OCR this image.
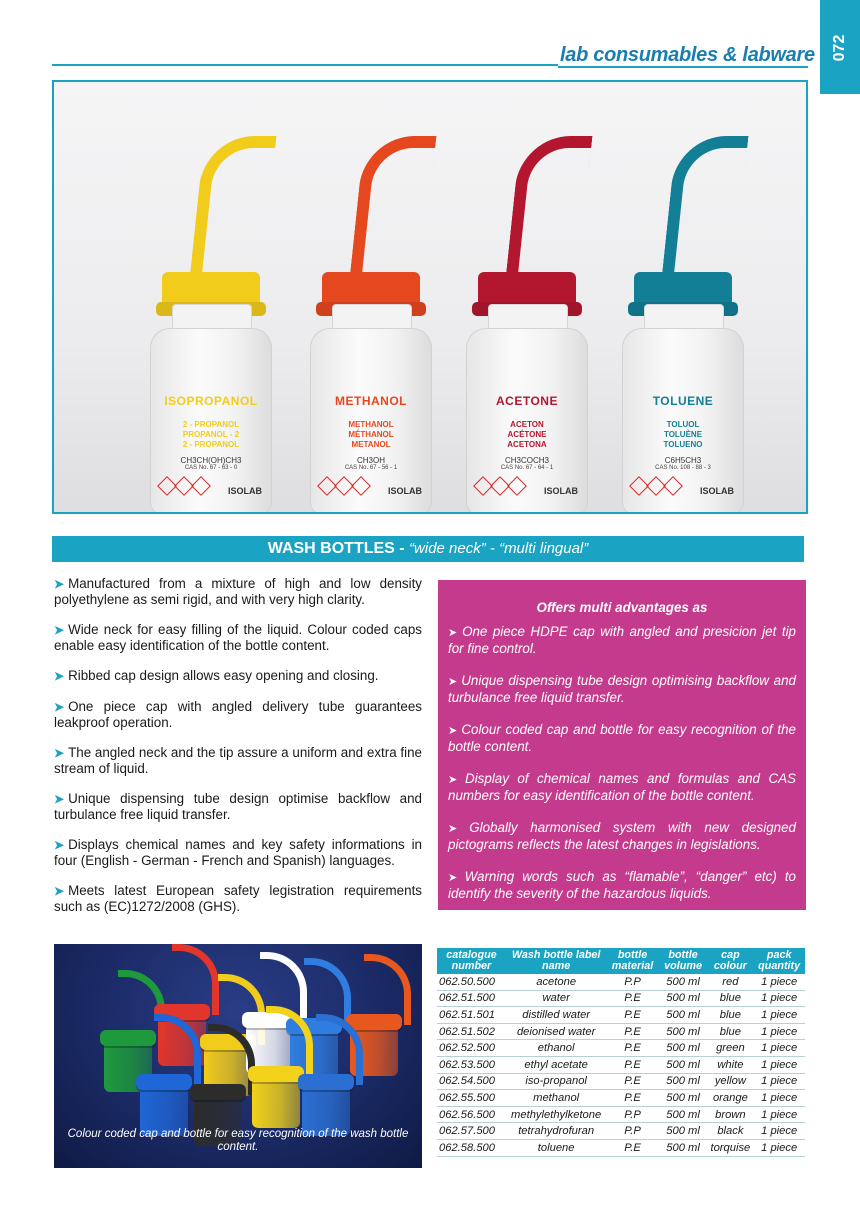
072
lab consumables & labware
ISOPROPANOL
2 - PROPANOL
PROPANOL - 2
2 - PROPANOL
CH3CH(OH)CH3
CAS No. 67 - 63 - 0
ISOLAB
METHANOL
METHANOL
MÉTHANOL
METANOL
CH3OH
CAS No. 67 - 56 - 1
ISOLAB
ACETONE
ACETON
ACÉTONE
ACETONA
CH3COCH3
CAS No. 67 - 64 - 1
ISOLAB
TOLUENE
TOLUOL
TOLUÈNE
TOLUENO
C6H5CH3
CAS No. 108 - 88 - 3
ISOLAB
WASH BOTTLES - “wide neck” - “multi lingual”
➤ Manufactured from a mixture of high and low density polyethylene as semi rigid, and with very high clarity.
➤ Wide neck for easy filling of the liquid. Colour coded caps enable easy identification of the bottle content.
➤ Ribbed cap design allows easy opening and closing.
➤ One piece cap with angled delivery tube guarantees leakproof operation.
➤ The angled neck and the tip assure a uniform and extra fine stream of liquid.
➤ Unique dispensing tube design optimise backflow and turbulance free liquid transfer.
➤ Displays chemical names and key safety informations in four (English - German - French and Spanish) languages.
➤ Meets latest European safety legistration requirements such as (EC)1272/2008 (GHS).
Offers multi advantages as
➤ One piece HDPE cap with angled and presicion jet tip for fine control.
➤ Unique dispensing tube design optimising backflow and turbulance free liquid transfer.
➤ Colour coded cap and bottle for easy recognition of the bottle content.
➤ Display of chemical names and formulas and CAS numbers for easy identification of the bottle content.
➤ Globally harmonised system with new designed pictograms reflects the latest changes in legislations.
➤ Warning words such as “flamable”, “danger” etc) to identify the severity of the hazardous liquids.
Colour coded cap and bottle for easy recognition of the wash bottle content.
catalogue number	Wash bottle label name	bottle material	bottle volume	cap colour	pack quantity
062.50.500	acetone	P.P	500 ml	red	1 piece
062.51.500	water	P.E	500 ml	blue	1 piece
062.51.501	distilled water	P.E	500 ml	blue	1 piece
062.51.502	deionised water	P.E	500 ml	blue	1 piece
062.52.500	ethanol	P.E	500 ml	green	1 piece
062.53.500	ethyl acetate	P.E	500 ml	white	1 piece
062.54.500	iso-propanol	P.E	500 ml	yellow	1 piece
062.55.500	methanol	P.E	500 ml	orange	1 piece
062.56.500	methylethylketone	P.P	500 ml	brown	1 piece
062.57.500	tetrahydrofuran	P.P	500 ml	black	1 piece
062.58.500	toluene	P.E	500 ml	torquise	1 piece
